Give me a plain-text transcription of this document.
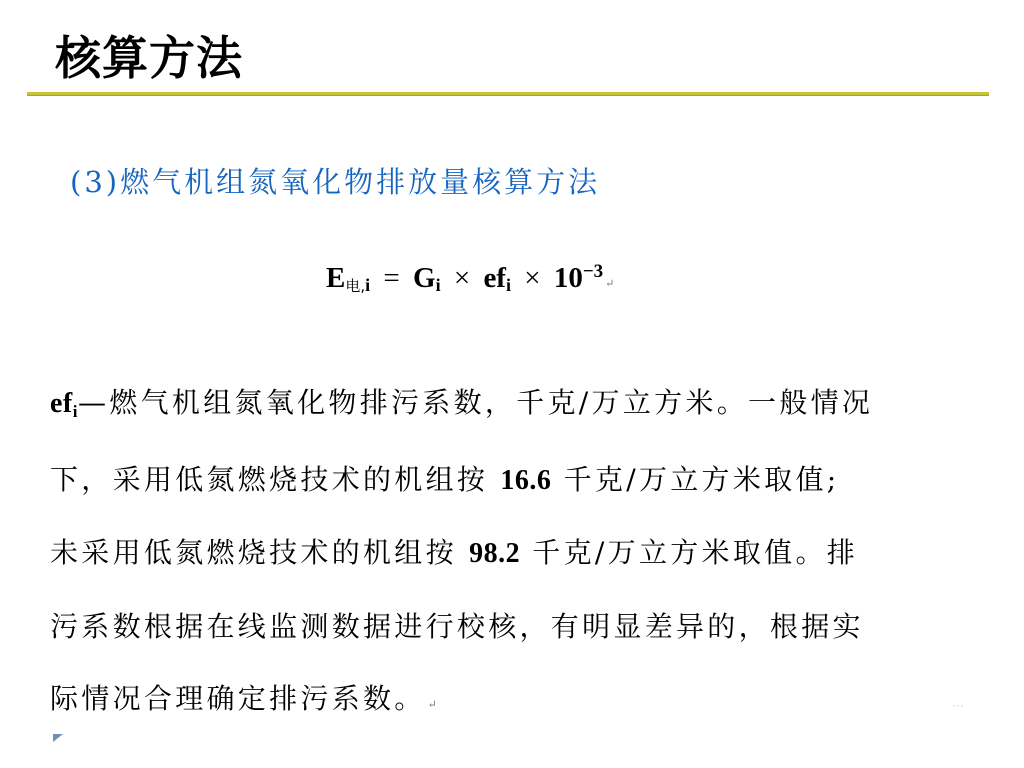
核算方法
(3)燃气机组氮氧化物排放量核算方法
$E_{电,i} = G_i \times ef_i$ × $10^{-3}↵$
$ef_i—$燃气机组氮氧化物排污系数，千克/万立方米。一般情况
下，采用低氮燃烧技术的机组按 16.6 千克/万立方米取值;
未采用低氮燃烧技术的机组按 98.2 千克/万立方米取值。排
污系数根据在线监测数据进行校核，有明显差异的，根据实
际情况合理确定排污系数。 ↵	···
